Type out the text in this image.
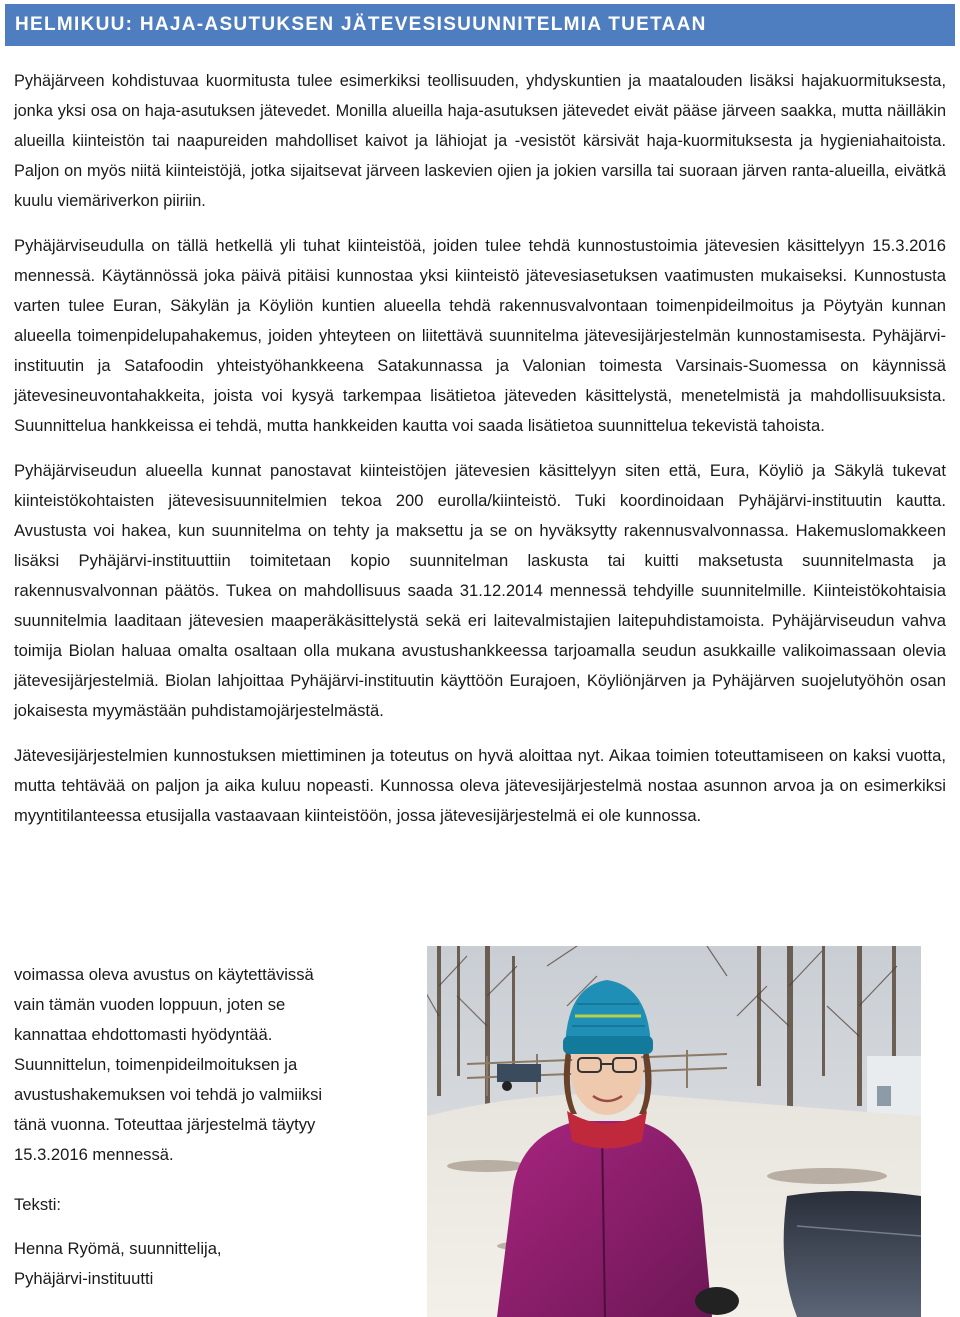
HELMIKUU: HAJA-ASUTUKSEN JÄTEVESISUUNNITELMIA TUETAAN

Pyhäjärveen kohdistuvaa kuormitusta tulee esimerkiksi teollisuuden, yhdyskuntien ja maatalouden lisäksi hajakuormituksesta, jonka yksi osa on haja-asutuksen jätevedet. Monilla alueilla haja-asutuksen jätevedet eivät pääse järveen saakka, mutta näilläkin alueilla kiinteistön tai naapureiden mahdolliset kaivot ja lähiojat ja -vesistöt kärsivät haja-kuormituksesta ja hygieniahaitoista. Paljon on myös niitä kiinteistöjä, jotka sijaitsevat järveen laskevien ojien ja jokien varsilla tai suoraan järven ranta-alueilla, eivätkä kuulu viemäriverkon piiriin.

Pyhäjärviseudulla on tällä hetkellä yli tuhat kiinteistöä, joiden tulee tehdä kunnostustoimia jätevesien käsittelyyn 15.3.2016 mennessä. Käytännössä joka päivä pitäisi kunnostaa yksi kiinteistö jätevesiasetuksen vaatimusten mukaiseksi. Kunnostusta varten tulee Euran, Säkylän ja Köyliön kuntien alueella tehdä rakennusvalvontaan toimenpideilmoitus ja Pöytyän kunnan alueella toimenpidelupahakemus, joiden yhteyteen on liitettävä suunnitelma jätevesijärjestelmän kunnostamisesta. Pyhäjärvi-instituutin ja Satafoodin yhteistyöhankkeena Satakunnassa ja Valonian toimesta Varsinais-Suomessa on käynnissä jätevesineuvontahakkeita, joista voi kysyä tarkempaa lisätietoa jäteveden käsittelystä, menetelmistä ja mahdollisuuksista. Suunnittelua hankkeissa ei tehdä, mutta hankkeiden kautta voi saada lisätietoa suunnittelua tekevistä tahoista.

Pyhäjärviseudun alueella kunnat panostavat kiinteistöjen jätevesien käsittelyyn siten että, Eura, Köyliö ja Säkylä tukevat kiinteistökohtaisten jätevesisuunnitelmien tekoa 200 eurolla/kiinteistö. Tuki koordinoidaan Pyhäjärvi-instituutin kautta. Avustusta voi hakea, kun suunnitelma on tehty ja maksettu ja se on hyväksytty rakennusvalvonnassa. Hakemuslomakkeen lisäksi Pyhäjärvi-instituuttiin toimitetaan kopio suunnitelman laskusta tai kuitti maksetusta suunnitelmasta ja rakennusvalvonnan päätös. Tukea on mahdollisuus saada 31.12.2014 mennessä tehdyille suunnitelmille. Kiinteistökohtaisia suunnitelmia laaditaan jätevesien maaperäkäsittelystä sekä eri laitevalmistajien laitepuhdistamoista. Pyhäjärviseudun vahva toimija Biolan haluaa omalta osaltaan olla mukana avustushankkeessa tarjoamalla seudun asukkaille valikoimassaan olevia jätevesijärjestelmiä. Biolan lahjoittaa Pyhäjärvi-instituutin käyttöön Eurajoen, Köyliönjärven ja Pyhäjärven suojelutyöhön osan jokaisesta myymästään puhdistamojärjestelmästä.

Jätevesijärjestelmien kunnostuksen miettiminen ja toteutus on hyvä aloittaa nyt. Aikaa toimien toteuttamiseen on kaksi vuotta, mutta tehtävää on paljon ja aika kuluu nopeasti. Kunnossa oleva jätevesijärjestelmä nostaa asunnon arvoa ja on esimerkiksi myyntitilanteessa etusijalla vastaavaan kiinteistöön, jossa jätevesijärjestelmä ei ole kunnossa.

voimassa oleva avustus on käytettävissä

vain tämän vuoden loppuun, joten se

kannattaa ehdottomasti hyödyntää.

Suunnittelun, toimenpideilmoituksen ja

avustushakemuksen voi tehdä jo valmiiksi

tänä vuonna. Toteuttaa järjestelmä täytyy

15.3.2016 mennessä.

Teksti:

Henna Ryömä, suunnittelija,

Pyhäjärvi-instituutti
